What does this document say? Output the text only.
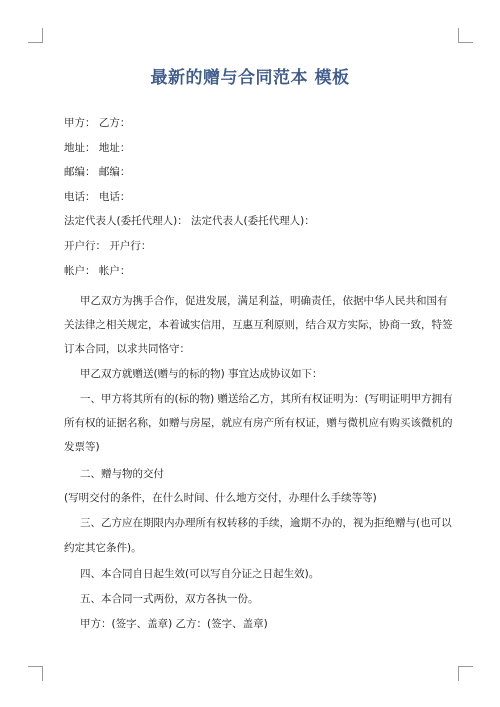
最新的赠与合同范本 模板
甲方： 乙方：
地址： 地址：
邮编： 邮编：
电话： 电话：
法定代表人(委托代理人)： 法定代表人(委托代理人)：
开户行： 开户行：
帐户： 帐户：
甲乙双方为携手合作，促进发展，满足利益，明确责任，依据中华人民共和国有
关法律之相关规定，本着诚实信用，互惠互利原则，结合双方实际，协商一致，特签
订本合同，以求共同恪守：
甲乙双方就赠送(赠与的标的物) 事宜达成协议如下：
一、甲方将其所有的(标的物) 赠送给乙方，其所有权证明为：(写明证明甲方拥有
所有权的证据名称，如赠与房屋，就应有房产所有权证，赠与微机应有购买该微机的
发票等)
二、赠与物的交付
(写明交付的条件，在什么时间、什么地方交付，办理什么手续等等)
三、乙方应在期限内办理所有权转移的手续，逾期不办的，视为拒绝赠与(也可以
约定其它条件)。
四、本合同自日起生效(可以写自分证之日起生效)。
五、本合同一式两份，双方各执一份。
甲方：(签字、盖章) 乙方：(签字、盖章)
